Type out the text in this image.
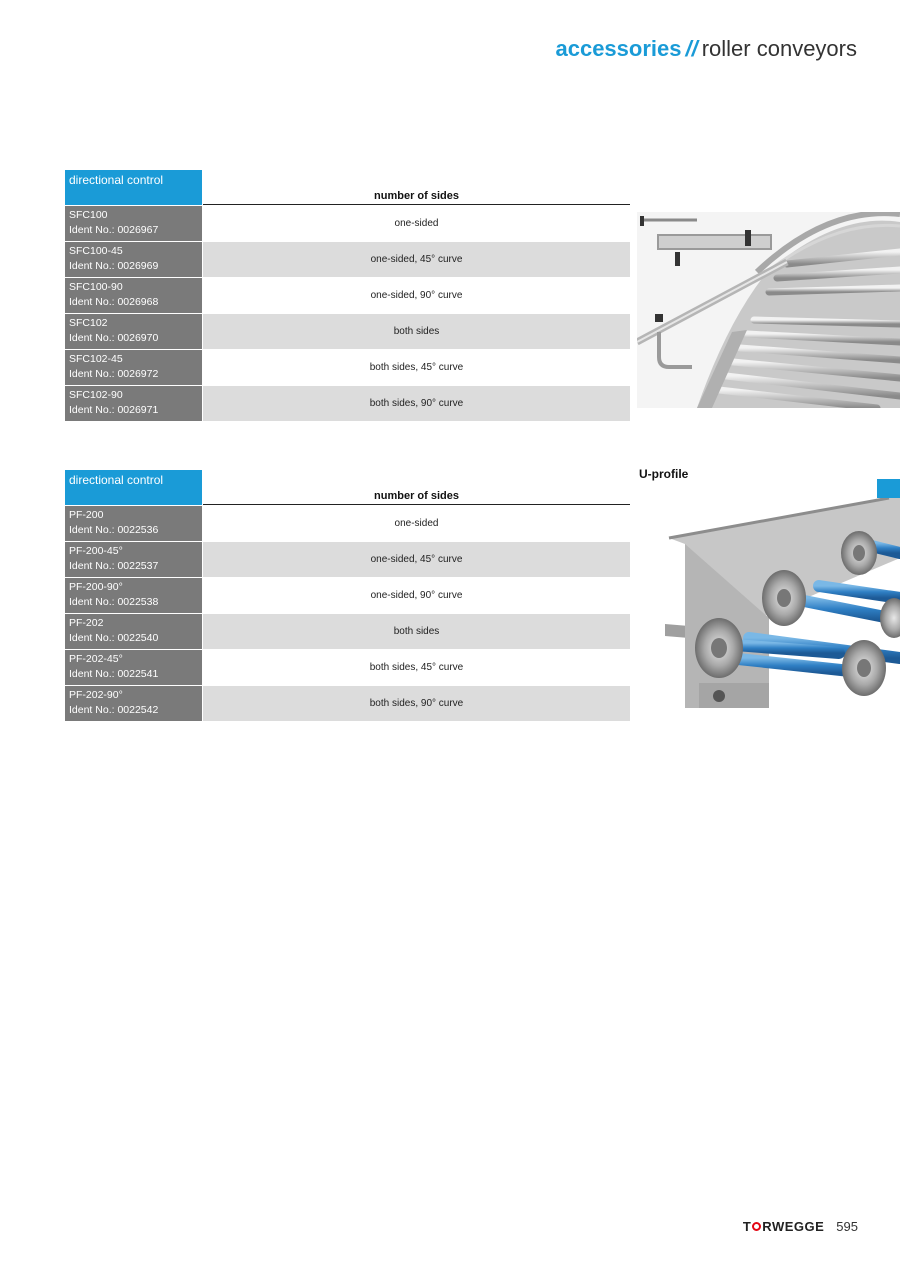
accessories // roller conveyors
directional control
number of sides
SFC100
Ident No.: 0026967
one-sided
SFC100-45
Ident No.: 0026969
one-sided, 45° curve
SFC100-90
Ident No.: 0026968
one-sided, 90° curve
SFC102
Ident No.: 0026970
both sides
SFC102-45
Ident No.: 0026972
both sides, 45° curve
SFC102-90
Ident No.: 0026971
both sides, 90° curve
directional control
number of sides
PF-200
Ident No.: 0022536
one-sided
PF-200-45°
Ident No.: 0022537
one-sided, 45° curve
PF-200-90°
Ident No.: 0022538
one-sided, 90° curve
PF-202
Ident No.: 0022540
both sides
PF-202-45°
Ident No.: 0022541
both sides, 45° curve
PF-202-90°
Ident No.: 0022542
both sides, 90° curve
U-profile
T RWEGGE 595
